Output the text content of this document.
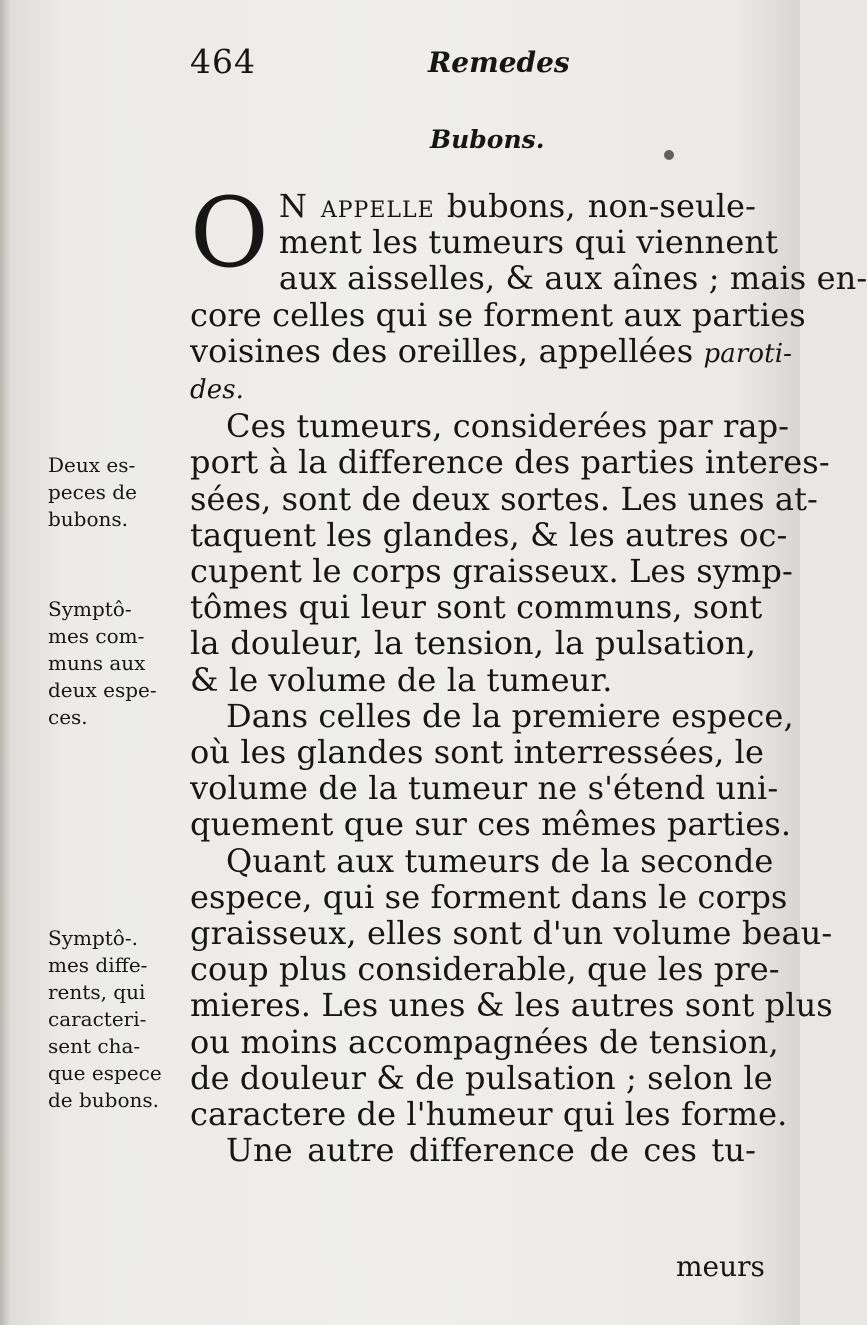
464	Remedes
Bubons.
O N appelle bubons, non-seule-
ment les tumeurs qui viennent
aux aisselles, & aux aînes ; mais en-
core celles qui se forment aux parties
voisines des oreilles, appellées paroti-
des.
Ces tumeurs, considerées par rap-
port à la difference des parties interes-
sées, sont de deux sortes. Les unes at-
taquent les glandes, & les autres oc-
cupent le corps graisseux. Les symp-
tômes qui leur sont communs, sont
la douleur, la tension, la pulsation,
& le volume de la tumeur.
Dans celles de la premiere espece,
où les glandes sont interressées, le
volume de la tumeur ne s'étend uni-
quement que sur ces mêmes parties.
Quant aux tumeurs de la seconde
espece, qui se forment dans le corps
graisseux, elles sont d'un volume beau-
coup plus considerable, que les pre-
mieres. Les unes & les autres sont plus
ou moins accompagnées de tension,
de douleur & de pulsation ; selon le
caractere de l'humeur qui les forme.
Une autre difference de ces tu-
Deux es-
peces de
bubons.
Symptô-
mes com-
muns aux
deux espe-
ces.
Symptô-.
mes diffe-
rents, qui
caracteri-
sent cha-
que espece
de bubons.
meurs
